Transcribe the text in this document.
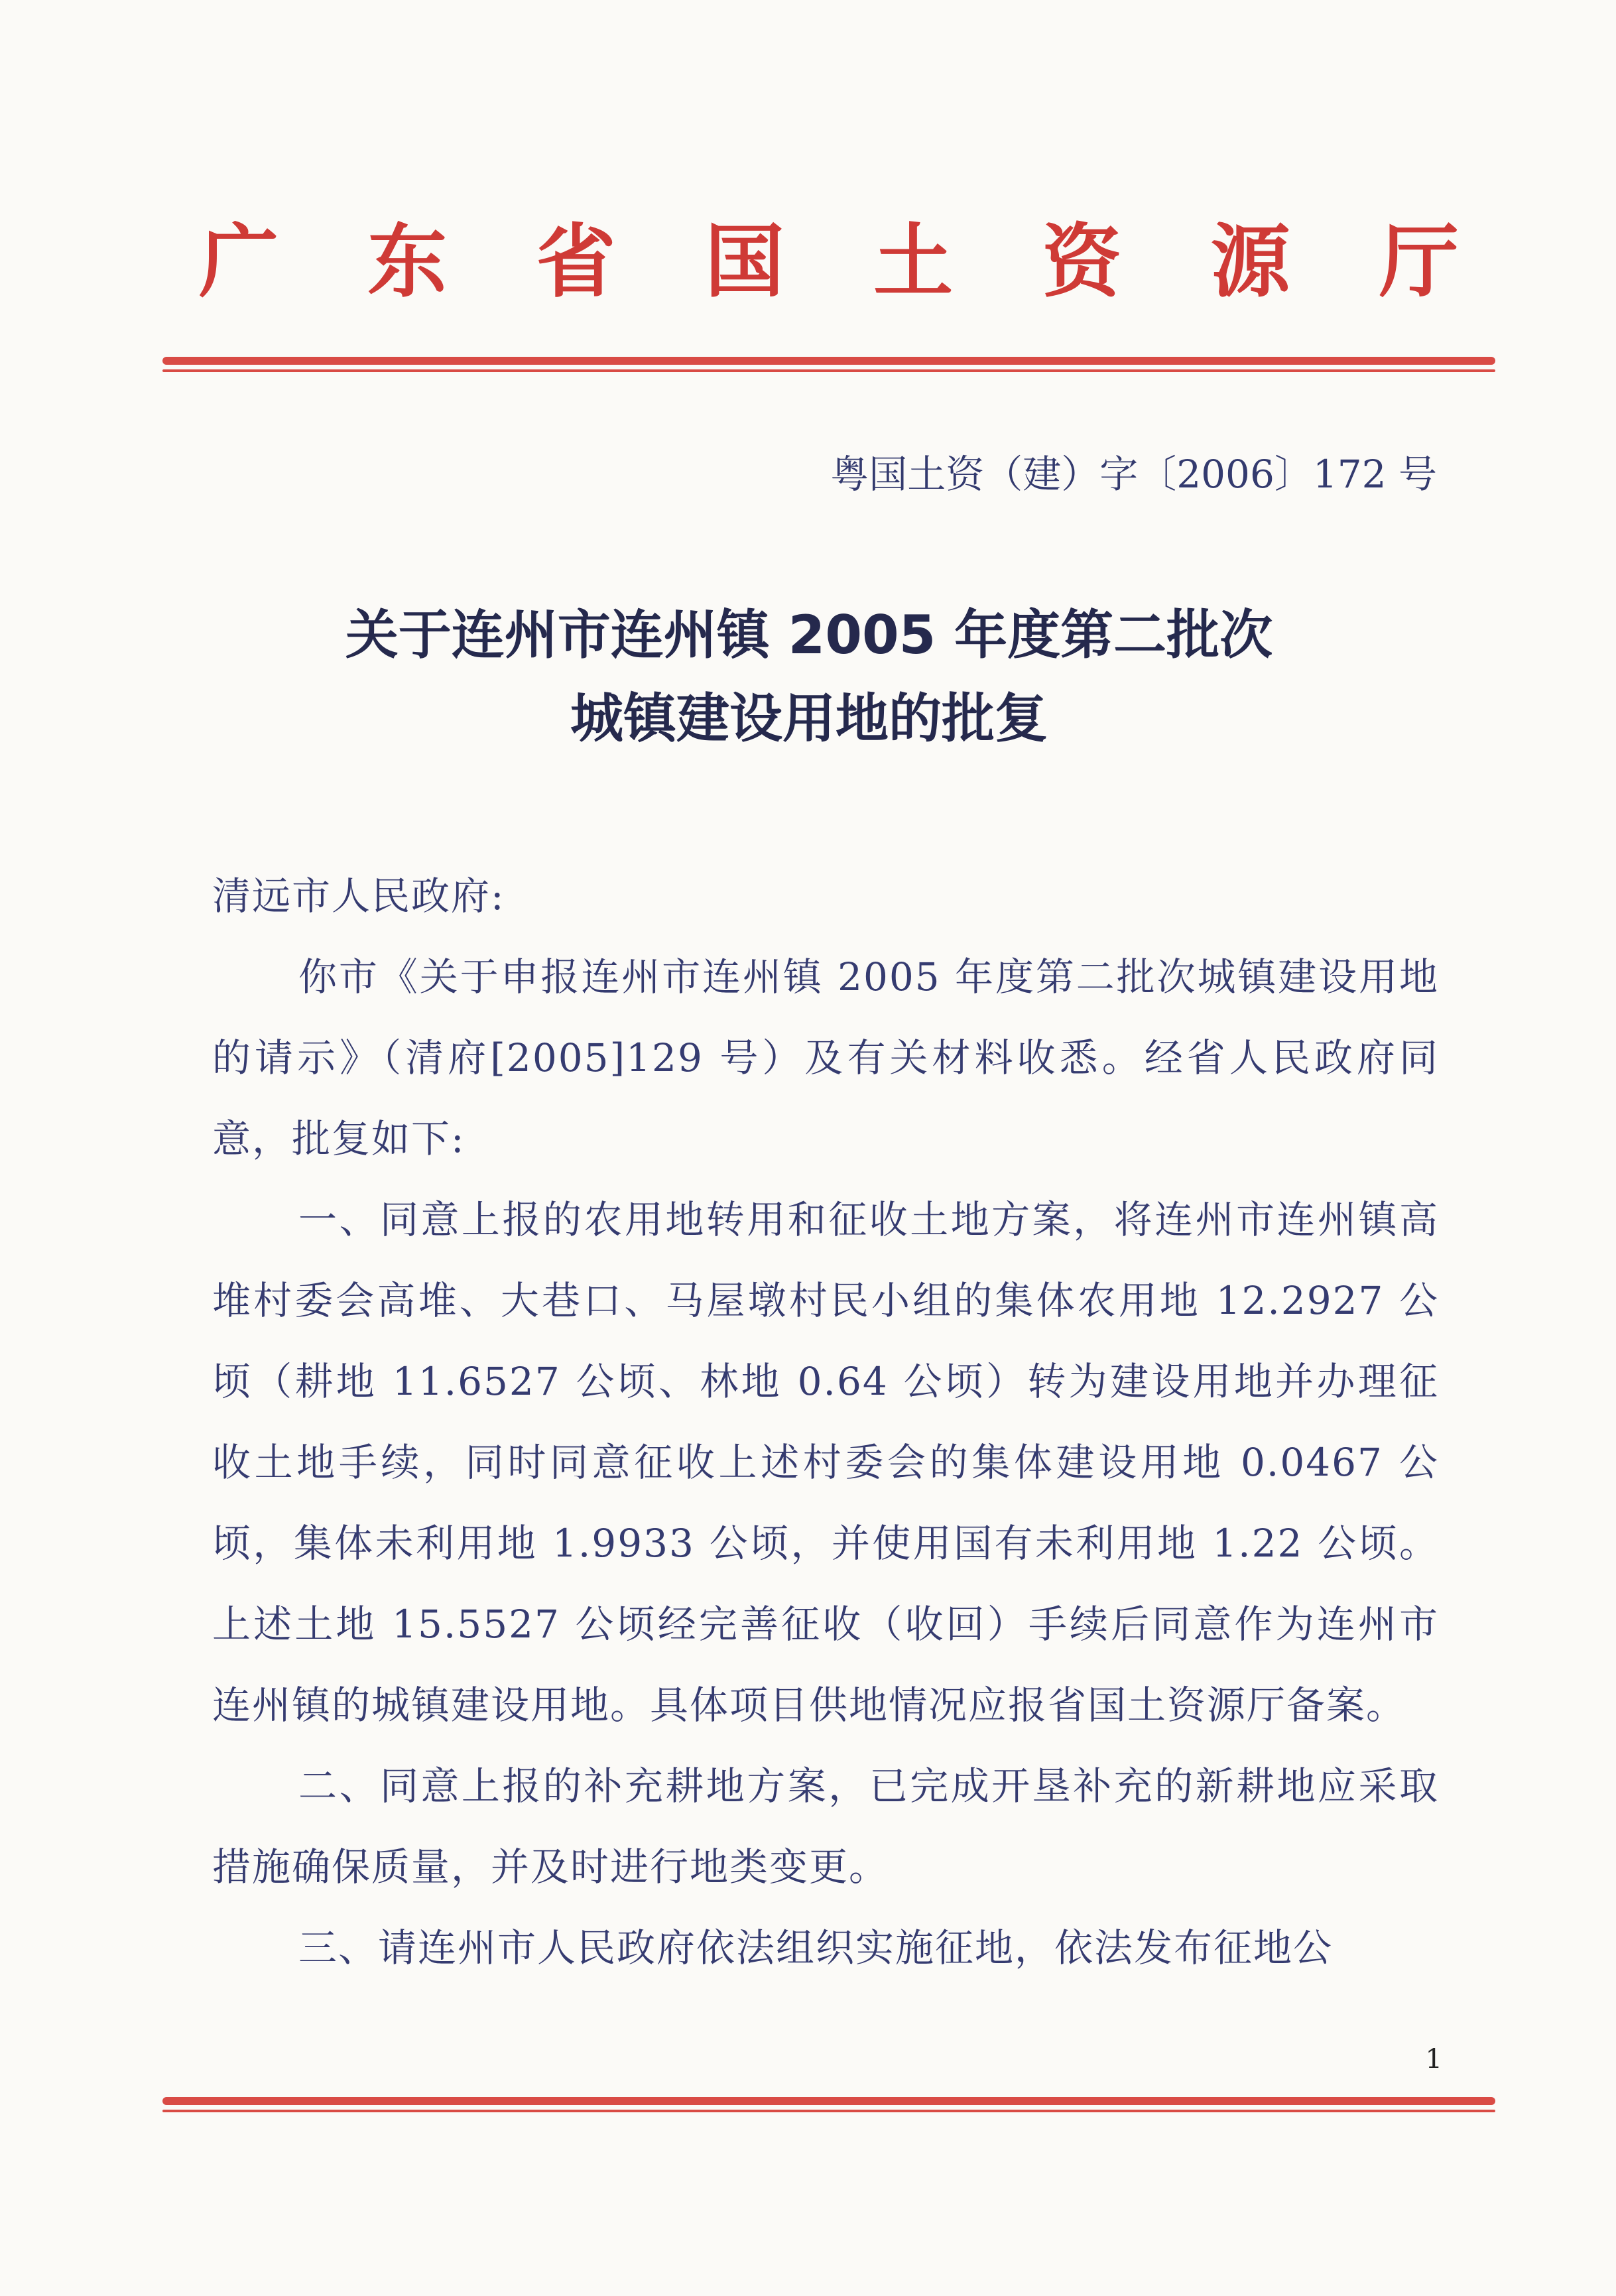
广 东 省 国 土 资 源 厅
粤国土资（建）字〔2006〕172 号
关于连州市连州镇 2005 年度第二批次
城镇建设用地的批复

清远市人民政府:

你市《关于申报连州市连州镇 2005 年度第二批次城镇建设用地的请示》（清府[2005]129 号）及有关材料收悉。经省人民政府同意，批复如下:

一、同意上报的农用地转用和征收土地方案，将连州市连州镇高堆村委会高堆、大巷口、马屋墩村民小组的集体农用地 12.2927 公顷（耕地 11.6527 公顷、林地 0.64 公顷）转为建设用地并办理征收土地手续，同时同意征收上述村委会的集体建设用地 0.0467 公顷，集体未利用地 1.9933 公顷，并使用国有未利用地 1.22 公顷。上述土地 15.5527 公顷经完善征收（收回）手续后同意作为连州市连州镇的城镇建设用地。具体项目供地情况应报省国土资源厅备案。

二、同意上报的补充耕地方案，已完成开垦补充的新耕地应采取措施确保质量，并及时进行地类变更。

三、请连州市人民政府依法组织实施征地，依法发布征地公

1
